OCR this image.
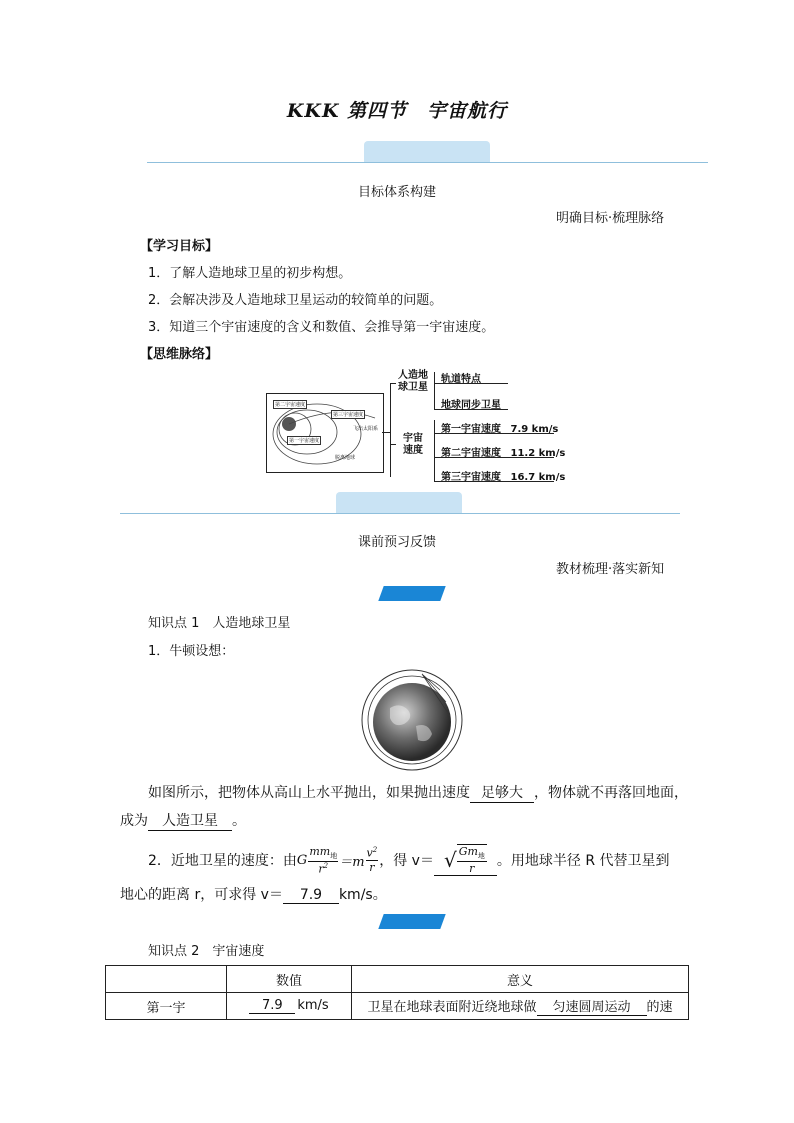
KKK 第四节　宇宙航行
目标体系构建
明确目标·梳理脉络
【学习目标】
1．了解人造地球卫星的初步构想。
2．会解决涉及人造地球卫星运动的较简单的问题。
3．知道三个宇宙速度的含义和数值、会推导第一宇宙速度。
【思维脉络】
第二宇宙速度
第三宇宙速度
第一宇宙速度
飞出太阳系
脱离地球
人造地
球卫星
宇宙
速度
轨道特点
地球同步卫星
第一宇宙速度 7.9 km/s
第二宇宙速度 11.2 km/s
第三宇宙速度 16.7 km/s
课前预习反馈
教材梳理·落实新知
知识点 1　人造地球卫星
1．牛顿设想：
如图所示，把物体从高山上水平抛出，如果抛出速度 足够大 ，物体就不再落回地面，
成为 人造卫星 。
2．近地卫星的速度：由 G
$mm_地$
$r^2 =m$
$v^2$
r ，得 v＝ √ $Gm_地$
r 。用地球半径 R 代替卫星到
地心的距离 r，可求得 v＝ 7.9 km/s。
知识点 2　宇宙速度
	数值	意义
第一宇	7.9 km/s	卫星在地球表面附近绕地球做 匀速圆周运动 的速
